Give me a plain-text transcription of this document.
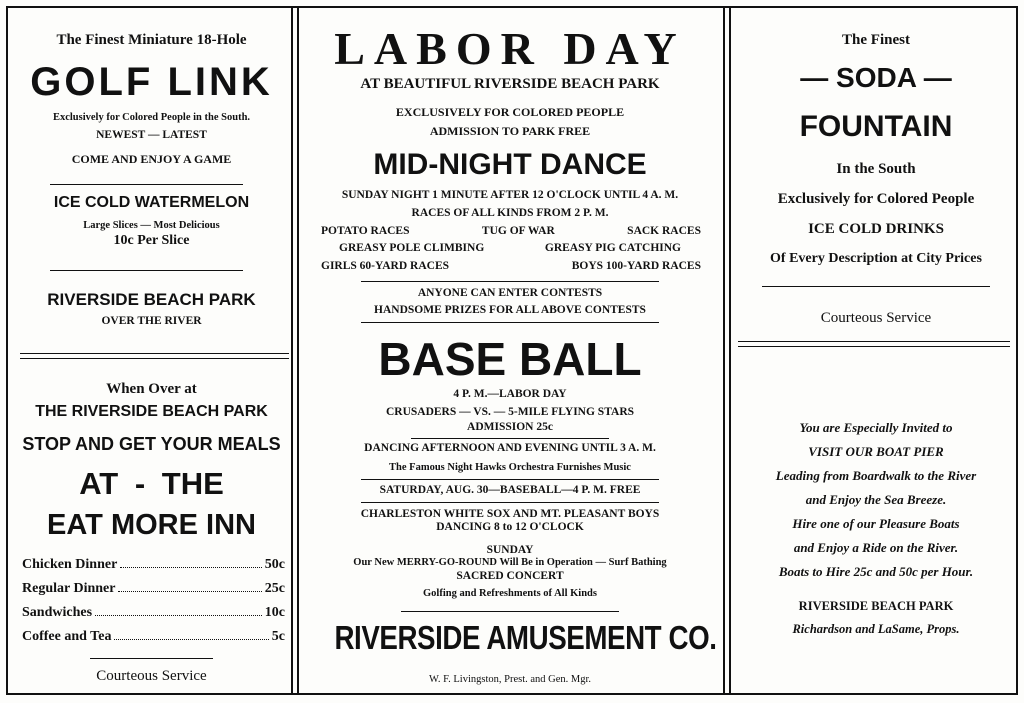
The Finest Miniature 18-Hole
GOLF LINK
Exclusively for Colored People in the South.
NEWEST — LATEST
COME AND ENJOY A GAME
ICE COLD WATERMELON
Large Slices — Most Delicious
10c Per Slice
RIVERSIDE BEACH PARK
OVER THE RIVER
When Over at
THE RIVERSIDE BEACH PARK
STOP AND GET YOUR MEALS
AT - THE
EAT MORE INN
Chicken Dinner	50c
Regular Dinner	25c
Sandwiches	10c
Coffee and Tea	5c
Courteous Service
LABOR DAY
AT BEAUTIFUL RIVERSIDE BEACH PARK
EXCLUSIVELY FOR COLORED PEOPLE
ADMISSION TO PARK FREE
MID-NIGHT DANCE
SUNDAY NIGHT 1 MINUTE AFTER 12 O'CLOCK UNTIL 4 A. M.
RACES OF ALL KINDS FROM 2 P. M.
POTATO RACES	TUG OF WAR	SACK RACES
GREASY POLE CLIMBING	GREASY PIG CATCHING
GIRLS 60-YARD RACES	BOYS 100-YARD RACES
ANYONE CAN ENTER CONTESTS
HANDSOME PRIZES FOR ALL ABOVE CONTESTS
BASE BALL
4 P. M.—LABOR DAY
CRUSADERS — VS. — 5-MILE FLYING STARS
ADMISSION 25c
DANCING AFTERNOON AND EVENING UNTIL 3 A. M.
The Famous Night Hawks Orchestra Furnishes Music
SATURDAY, AUG. 30—BASEBALL—4 P. M. FREE
CHARLESTON WHITE SOX AND MT. PLEASANT BOYS
DANCING 8 to 12 O'CLOCK
SUNDAY
Our New MERRY-GO-ROUND Will Be in Operation — Surf Bathing
SACRED CONCERT
Golfing and Refreshments of All Kinds
RIVERSIDE AMUSEMENT CO.
W. F. Livingston, Prest. and Gen. Mgr.
The Finest
— SODA —
FOUNTAIN
In the South
Exclusively for Colored People
ICE COLD DRINKS
Of Every Description at City Prices
Courteous Service
You are Especially Invited to
VISIT OUR BOAT PIER
Leading from Boardwalk to the River
and Enjoy the Sea Breeze.
Hire one of our Pleasure Boats
and Enjoy a Ride on the River.
Boats to Hire 25c and 50c per Hour.
RIVERSIDE BEACH PARK
Richardson and LaSame, Props.
